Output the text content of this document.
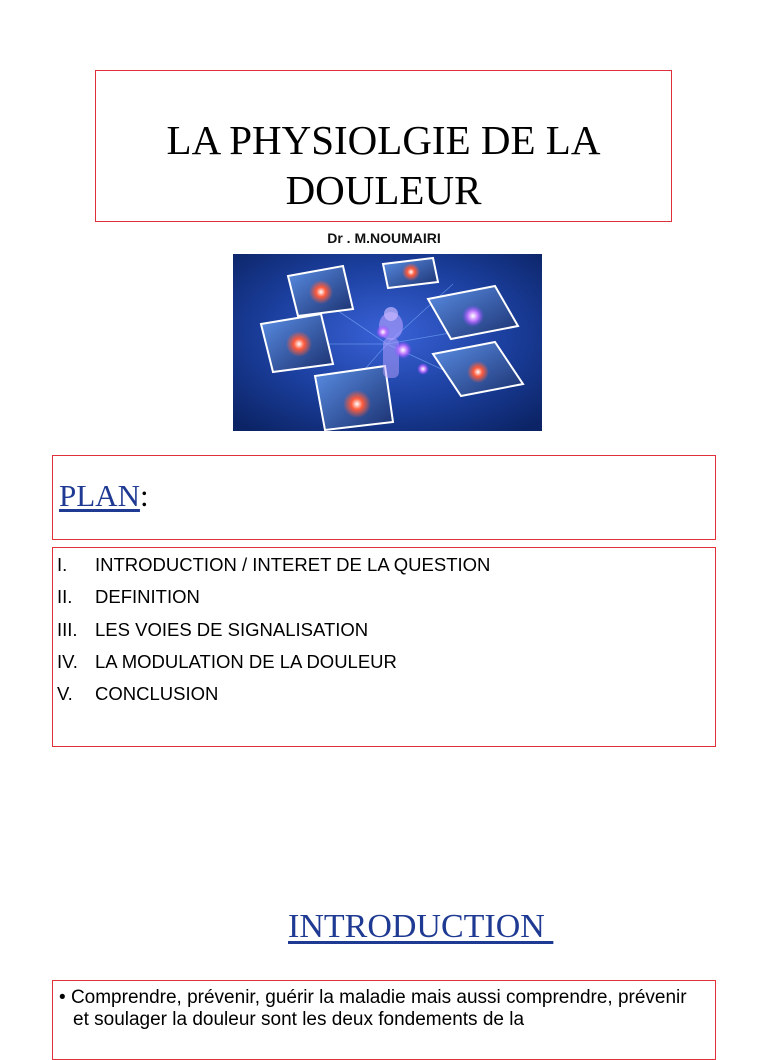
LA PHYSIOLGIE DE LA DOULEUR
Dr . M.NOUMAIRI
PLAN:
I. INTRODUCTION / INTERET DE LA QUESTION
II. DEFINITION
III. LES VOIES DE SIGNALISATION
IV. LA MODULATION DE LA DOULEUR
V. CONCLUSION
INTRODUCTION
• Comprendre, prévenir, guérir la maladie mais aussi comprendre, prévenir et soulager la douleur sont les deux fondements de la
